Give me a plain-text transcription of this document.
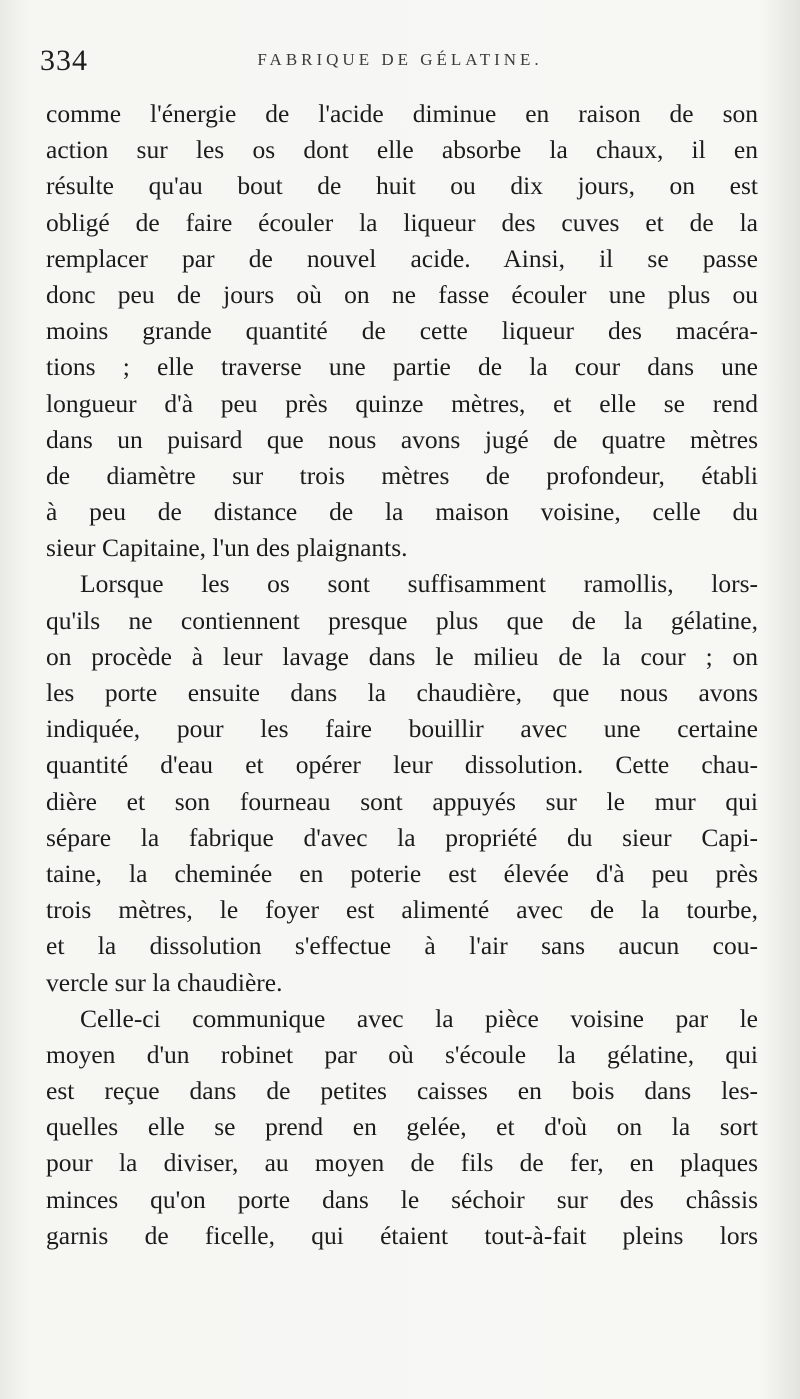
334	FABRIQUE DE GÉLATINE.
comme l'énergie de l'acide diminue en raison de son
action sur les os dont elle absorbe la chaux, il en
résulte qu'au bout de huit ou dix jours, on est
obligé de faire écouler la liqueur des cuves et de la
remplacer par de nouvel acide. Ainsi, il se passe
donc peu de jours où on ne fasse écouler une plus ou
moins grande quantité de cette liqueur des macéra-
tions ; elle traverse une partie de la cour dans une
longueur d'à peu près quinze mètres, et elle se rend
dans un puisard que nous avons jugé de quatre mètres
de diamètre sur trois mètres de profondeur, établi
à peu de distance de la maison voisine, celle du
sieur Capitaine, l'un des plaignants.
Lorsque les os sont suffisamment ramollis, lors-
qu'ils ne contiennent presque plus que de la gélatine,
on procède à leur lavage dans le milieu de la cour ; on
les porte ensuite dans la chaudière, que nous avons
indiquée, pour les faire bouillir avec une certaine
quantité d'eau et opérer leur dissolution. Cette chau-
dière et son fourneau sont appuyés sur le mur qui
sépare la fabrique d'avec la propriété du sieur Capi-
taine, la cheminée en poterie est élevée d'à peu près
trois mètres, le foyer est alimenté avec de la tourbe,
et la dissolution s'effectue à l'air sans aucun cou-
vercle sur la chaudière.
Celle-ci communique avec la pièce voisine par le
moyen d'un robinet par où s'écoule la gélatine, qui
est reçue dans de petites caisses en bois dans les-
quelles elle se prend en gelée, et d'où on la sort
pour la diviser, au moyen de fils de fer, en plaques
minces qu'on porte dans le séchoir sur des châssis
garnis de ficelle, qui étaient tout-à-fait pleins lors
